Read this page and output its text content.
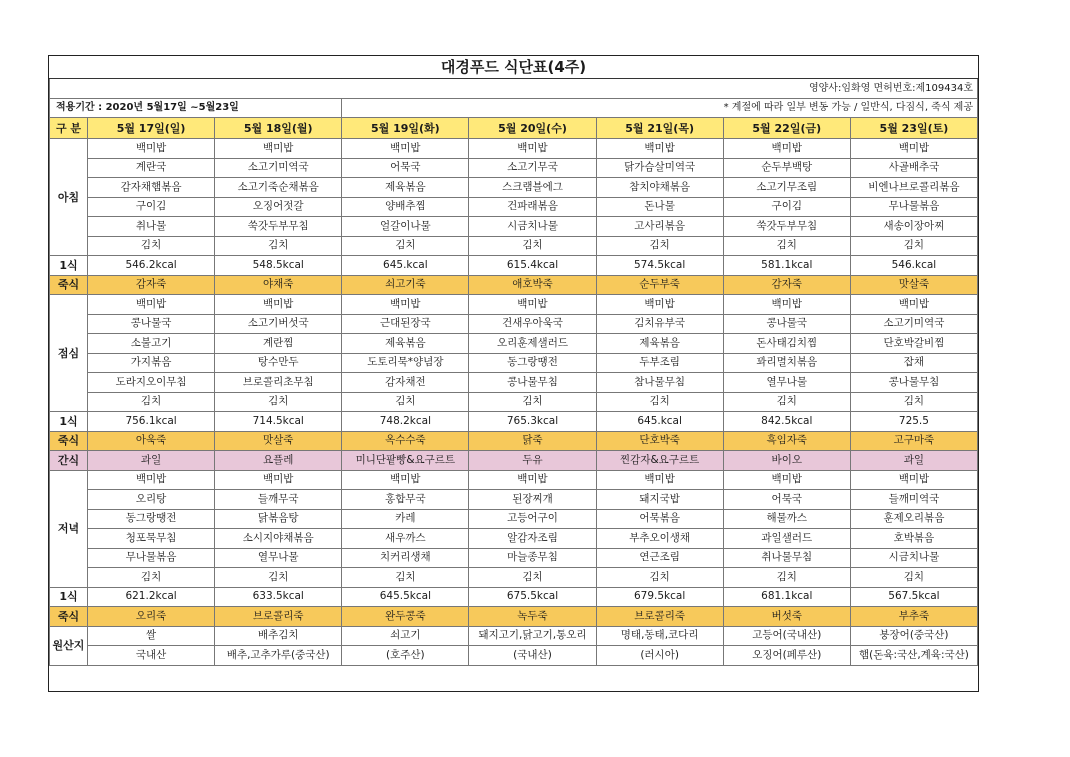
대경푸드 식단표(4주)
영양사:임화영 면허번호:제109434호							
적용기간 : 2020년 5월17일 ~5월23일			* 계절에 따라 일부 변동 가능 / 일반식, 다짐식, 죽식 제공				
구 분	5월 17일(일)	5월 18일(월)	5월 19일(화)	5월 20일(수)	5월 21일(목)	5월 22일(금)	5월 23일(토)
아침	백미밥	백미밥	백미밥	백미밥	백미밥	백미밥	백미밥
	계란국	소고기미역국	어묵국	소고기무국	닭가슴살미역국	순두부백탕	사골배추국
	감자채햄볶음	소고기죽순채볶음	제육볶음	스크램블에그	참치야채볶음	소고기무조림	비엔나브로콜리볶음
	구이김	오징어젓갈	양배추찜	건파래볶음	돈나물	구이김	무나물볶음
	취나물	쑥갓두부무침	얼갈이나물	시금치나물	고사리볶음	쑥갓두부무침	새송이장아찌
	김치	김치	김치	김치	김치	김치	김치
1식	546.2kcal	548.5kcal	645.kcal	615.4kcal	574.5kcal	581.1kcal	546.kcal
죽식	감자죽	야채죽	쇠고기죽	애호박죽	순두부죽	감자죽	맛살죽
점심	백미밥	백미밥	백미밥	백미밥	백미밥	백미밥	백미밥
	콩나물국	소고기버섯국	근대된장국	건새우아욱국	김치유부국	콩나물국	소고기미역국
	소불고기	계란찜	제육볶음	오리훈제샐러드	제육볶음	돈사태김치찜	단호박갈비찜
	가지볶음	탕수만두	도토리묵*양념장	동그랑땡전	두부조림	꽈리멸치볶음	잡채
	도라지오이무침	브로콜리초무침	감자채전	콩나물무침	참나물무침	열무나물	콩나물무침
	김치	김치	김치	김치	김치	김치	김치
1식	756.1kcal	714.5kcal	748.2kcal	765.3kcal	645.kcal	842.5kcal	725.5
죽식	아욱죽	맛살죽	옥수수죽	닭죽	단호박죽	흑임자죽	고구마죽
간식	과일	요플레	미니단팥빵&요구르트	두유	찐감자&요구르트	바이오	과일
저녁	백미밥	백미밥	백미밥	백미밥	백미밥	백미밥	백미밥
	오리탕	들깨무국	홍합무국	된장찌개	돼지국밥	어묵국	들깨미역국
	동그랑땡전	닭볶음탕	카레	고등어구이	어묵볶음	해물까스	훈제오리볶음
	청포묵무침	소시지야채볶음	새우까스	알감자조림	부추오이생채	과일샐러드	호박볶음
	무나물볶음	열무나물	치커리생채	마늘종무침	연근조림	취나물무침	시금치나물
	김치	김치	김치	김치	김치	김치	김치
1식	621.2kcal	633.5kcal	645.5kcal	675.5kcal	679.5kcal	681.1kcal	567.5kcal
죽식	오리죽	브로콜리죽	완두콩죽	녹두죽	브로콜리죽	버섯죽	부추죽
원산지	쌀	배추김치	쇠고기	돼지고기,닭고기,통오리	명태,동태,코다리	고등어(국내산)	붕장어(중국산)
	국내산	배추,고추가루(중국산)	(호주산)	(국내산)	(러시아)	오징어(페루산)	햄(돈육:국산,계육:국산)
